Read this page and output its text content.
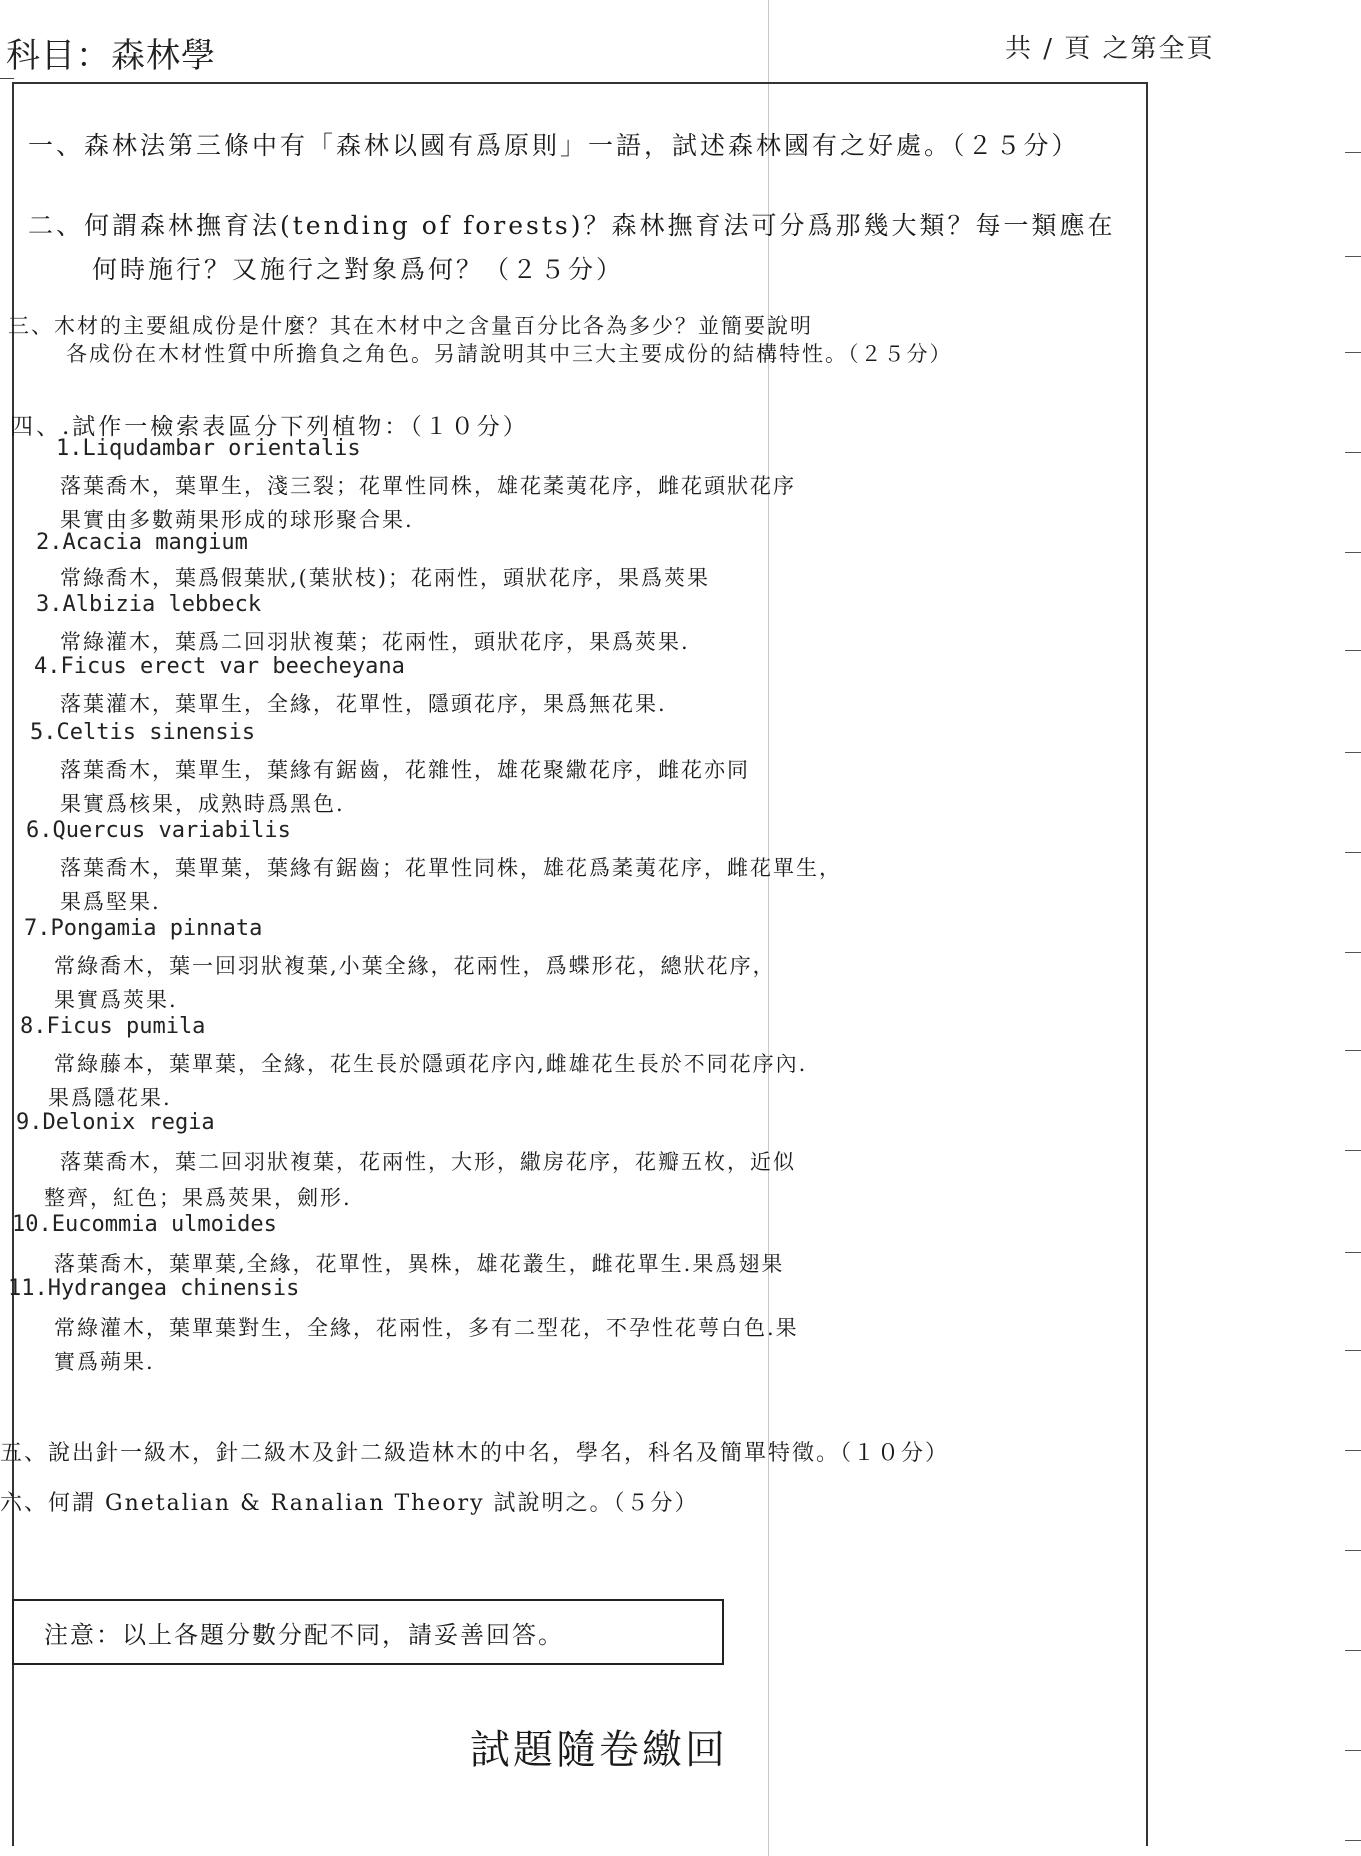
科目：森林學	共 / 頁 之第全頁
一、森林法第三條中有「森林以國有爲原則」一語，試述森林國有之好處。（２５分）
二、何謂森林撫育法(tending of forests)？森林撫育法可分爲那幾大類？每一類應在
何時施行？又施行之對象爲何？（２５分）
三、木材的主要組成份是什麼？其在木材中之含量百分比各為多少？並簡要說明
各成份在木材性質中所擔負之角色。另請說明其中三大主要成份的結構特性。（２５分）
四、.試作一檢索表區分下列植物：（１０分）
1.Liqudambar orientalis
落葉喬木，葉單生，淺三裂；花單性同株，雄花葇荑花序，雌花頭狀花序
果實由多數蒴果形成的球形聚合果.
2.Acacia mangium
常綠喬木，葉爲假葉狀,(葉狀枝)；花兩性，頭狀花序，果爲莢果
3.Albizia lebbeck
常綠灌木，葉爲二回羽狀複葉；花兩性，頭狀花序，果爲莢果.
4.Ficus erect var beecheyana
落葉灌木，葉單生，全緣，花單性，隱頭花序，果爲無花果.
5.Celtis sinensis
落葉喬木，葉單生，葉緣有鋸齒，花雜性，雄花聚繖花序，雌花亦同
果實爲核果，成熟時爲黑色.
6.Quercus variabilis
落葉喬木，葉單葉，葉緣有鋸齒；花單性同株，雄花爲葇荑花序，雌花單生，
果爲堅果.
7.Pongamia pinnata
常綠喬木，葉一回羽狀複葉,小葉全緣，花兩性，爲蝶形花，總狀花序，
果實爲莢果.
8.Ficus pumila
常綠藤本，葉單葉，全緣，花生長於隱頭花序內,雌雄花生長於不同花序內.
果爲隱花果.
9.Delonix regia
落葉喬木，葉二回羽狀複葉，花兩性，大形，繖房花序，花瓣五枚，近似
整齊，紅色；果爲莢果，劍形.
10.Eucommia ulmoides
落葉喬木，葉單葉,全緣，花單性，異株，雄花叢生，雌花單生.果爲翅果
11.Hydrangea chinensis
常綠灌木，葉單葉對生，全緣，花兩性，多有二型花，不孕性花萼白色.果
實爲蒴果.
五、說出針一級木，針二級木及針二級造林木的中名，學名，科名及簡單特徵。（１０分）
六、何謂 Gnetalian & Ranalian Theory 試說明之。（５分）
注意：以上各題分數分配不同，請妥善回答。
試題隨卷繳回
